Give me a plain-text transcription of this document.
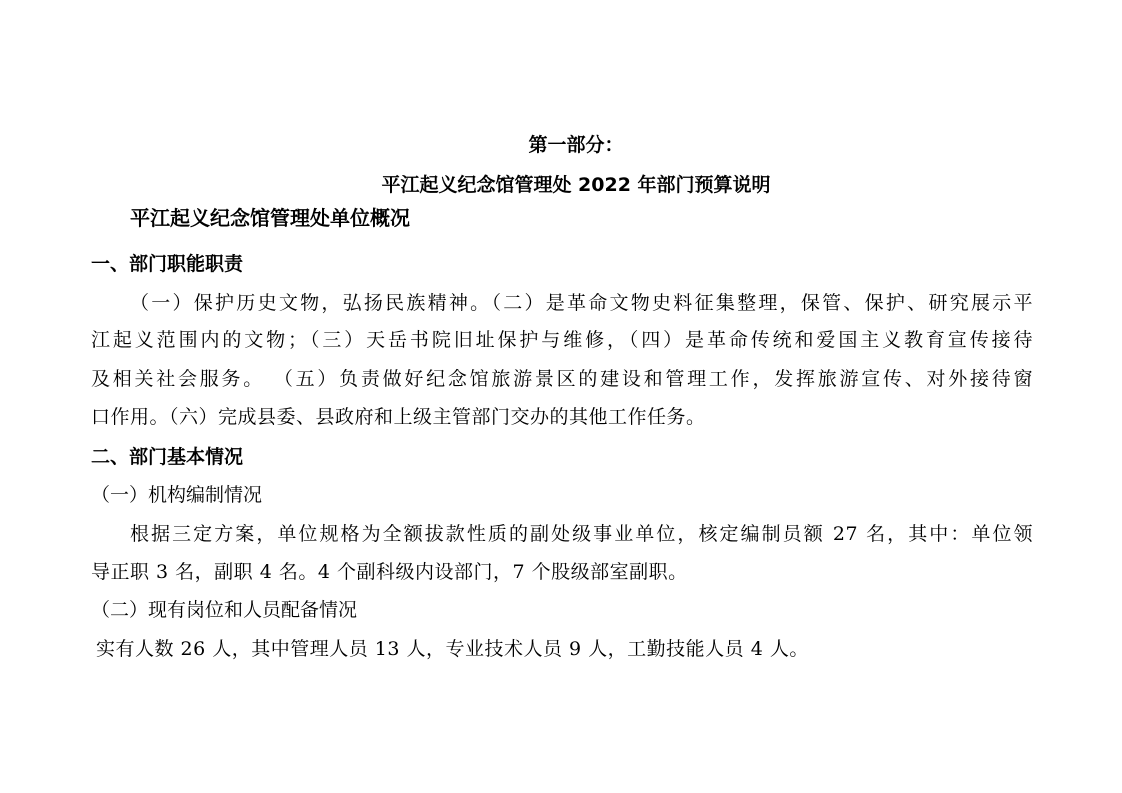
第一部分：
平江起义纪念馆管理处 2022 年部门预算说明
平江起义纪念馆管理处单位概况
一、部门职能职责
（一）保护历史文物，弘扬民族精神。（二）是革命文物史料征集整理，保管、保护、研究展示平
江起义范围内的文物；（三）天岳书院旧址保护与维修，（四）是革命传统和爱国主义教育宣传接待
及相关社会服务。 （五）负责做好纪念馆旅游景区的建设和管理工作，发挥旅游宣传、对外接待窗
口作用。（六）完成县委、县政府和上级主管部门交办的其他工作任务。
二、部门基本情况
（一）机构编制情况
根据三定方案，单位规格为全额拔款性质的副处级事业单位，核定编制员额 27 名，其中：单位领
导正职 3 名，副职 4 名。4 个副科级内设部门，7 个股级部室副职。
（二）现有岗位和人员配备情况
实有人数 26 人，其中管理人员 13 人，专业技术人员 9 人，工勤技能人员 4 人。
